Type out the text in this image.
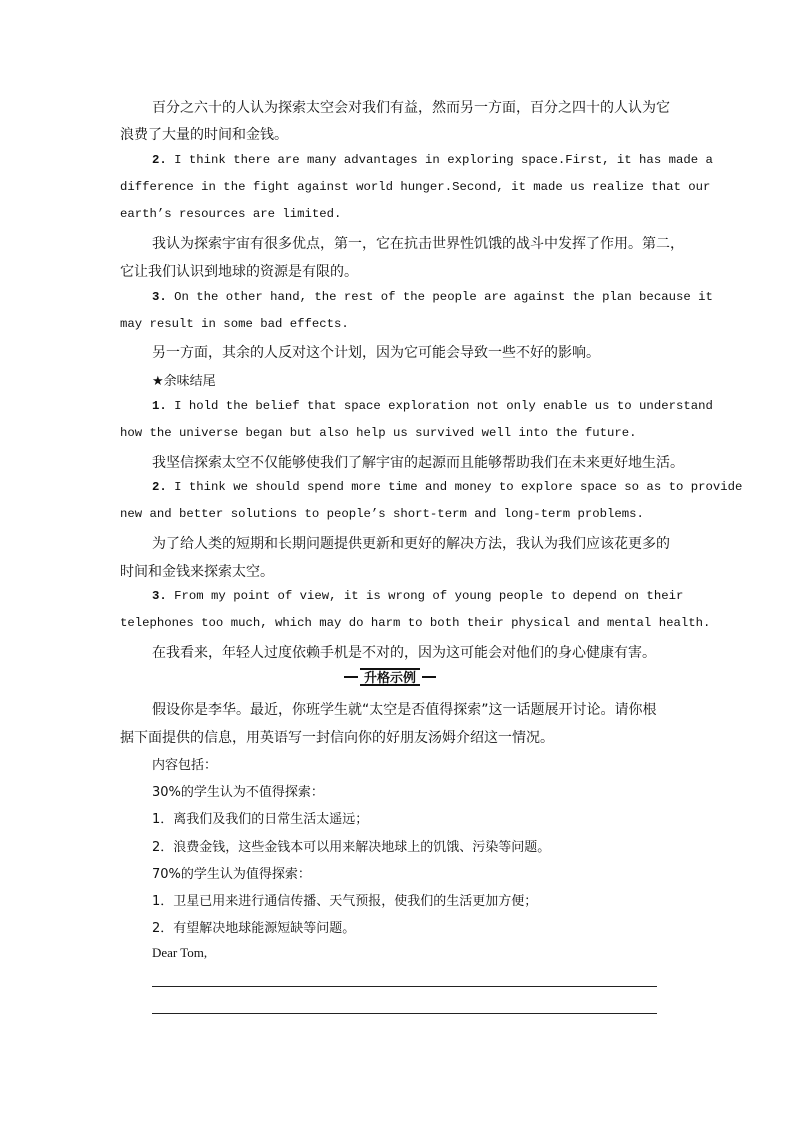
百分之六十的人认为探索太空会对我们有益，然而另一方面，百分之四十的人认为它
浪费了大量的时间和金钱。
2. I think there are many advantages in exploring space.First, it has made a
difference in the fight against world hunger.Second, it made us realize that our
earth’s resources are limited.
我认为探索宇宙有很多优点，第一，它在抗击世界性饥饿的战斗中发挥了作用。第二，
它让我们认识到地球的资源是有限的。
3. On the other hand, the rest of the people are against the plan because it
may result in some bad effects.
另一方面，其余的人反对这个计划，因为它可能会导致一些不好的影响。
★余味结尾
1. I hold the belief that space exploration not only enable us to understand
how the universe began but also help us survived well into the future.
我坚信探索太空不仅能够使我们了解宇宙的起源而且能够帮助我们在未来更好地生活。
2. I think we should spend more time and money to explore space so as to provide
new and better solutions to people’s short-term and long-term problems.
为了给人类的短期和长期问题提供更新和更好的解决方法，我认为我们应该花更多的
时间和金钱来探索太空。
3. From my point of view, it is wrong of young people to depend on their
telephones too much, which may do harm to both their physical and mental health.
在我看来，年轻人过度依赖手机是不对的，因为这可能会对他们的身心健康有害。
升格示例
假设你是李华。最近，你班学生就“太空是否值得探索”这一话题展开讨论。请你根
据下面提供的信息，用英语写一封信向你的好朋友汤姆介绍这一情况。
内容包括：
30%的学生认为不值得探索：
1．离我们及我们的日常生活太遥远；
2．浪费金钱，这些金钱本可以用来解决地球上的饥饿、污染等问题。
70%的学生认为值得探索：
1．卫星已用来进行通信传播、天气预报，使我们的生活更加方便；
2．有望解决地球能源短缺等问题。
Dear Tom,
